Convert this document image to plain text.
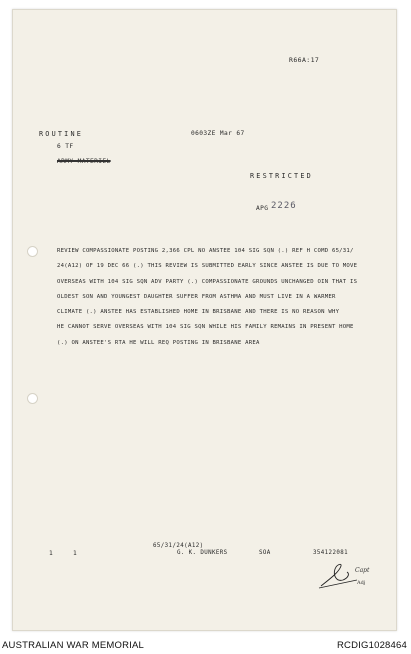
R66A:17
ROUTINE	0603ZE Mar 67
6 TF
ARMY MATERIEL
RESTRICTED
APG 2226
REVIEW COMPASSIONATE POSTING 2,366 CPL NO ANSTEE 104 SIG SQN (.) REF H COMD 65/31/
24(A12) OF 19 DEC 66 (.) THIS REVIEW IS SUBMITTED EARLY SINCE ANSTEE IS DUE TO MOVE
OVERSEAS WITH 104 SIG SQN ADV PARTY (.) COMPASSIONATE GROUNDS UNCHANGED OIN THAT IS
OLDEST SON AND YOUNGEST DAUGHTER SUFFER FROM ASTHMA AND MUST LIVE IN A WARMER
CLIMATE (.) ANSTEE HAS ESTABLISHED HOME IN BRISBANE AND THERE IS NO REASON WHY
HE CANNOT SERVE OVERSEAS WITH 104 SIG SQN WHILE HIS FAMILY REMAINS IN PRESENT HOME
(.) ON ANSTEE'S RTA HE WILL REQ POSTING IN BRISBANE AREA
1	1
65/31/24(A12)
G. K. DUNKERS	SOA	354122081
Capt
Adj
AUSTRALIAN WAR MEMORIAL	RCDIG1028464
